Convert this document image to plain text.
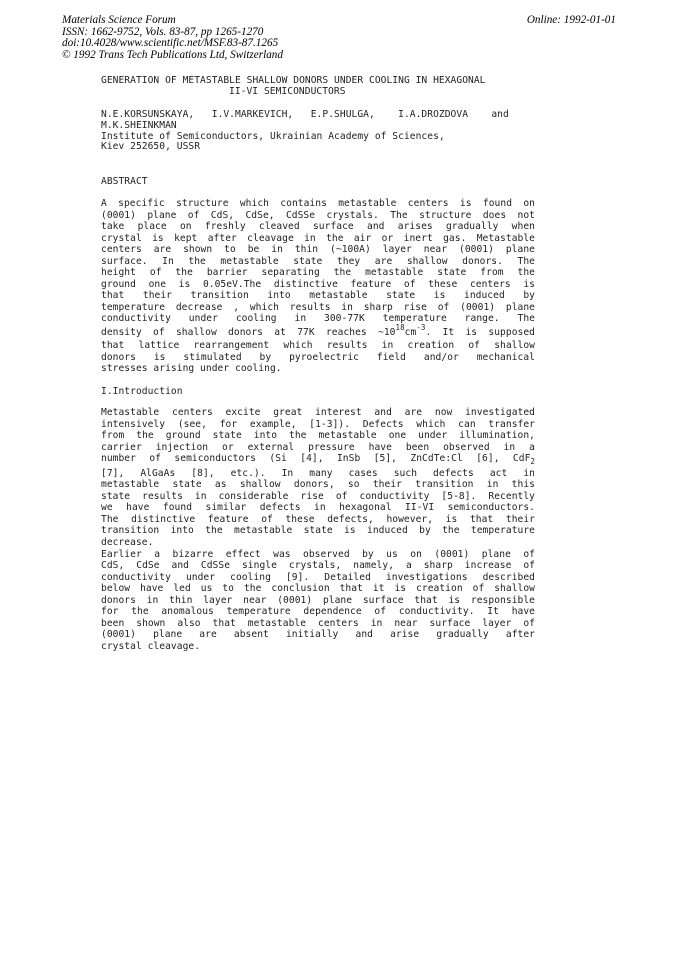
Materials Science Forum
ISSN: 1662-9752, Vols. 83-87, pp 1265-1270
doi:10.4028/www.scientific.net/MSF.83-87.1265
© 1992 Trans Tech Publications Ltd, Switzerland
Online: 1992-01-01
GENERATION OF METASTABLE SHALLOW DONORS UNDER COOLING IN HEXAGONAL
II-VI SEMICONDUCTORS
N.E.KORSUNSKAYA,   I.V.MARKEVICH,   E.P.SHULGA,    I.A.DROZDOVA    and
M.K.SHEINKMAN
Institute of Semiconductors, Ukrainian Academy of Sciences,
Kiev 252650, USSR
ABSTRACT
A specific structure which contains metastable centers is found on
(0001) plane of CdS, CdSe, CdSSe crystals. The structure does not
take place on freshly cleaved surface and arises gradually when
crystal is kept after cleavage in the air or inert gas. Metastable
centers are shown to be in thin (~100A) layer near (0001) plane
surface. In the metastable state they are shallow donors. The
height of the barrier separating the metastable state from the
ground one is 0.05eV.The distinctive feature of these centers is
that their transition into metastable state is induced by
temperature decrease , which results in sharp rise of (0001) plane
conductivity under cooling in 300-77K temperature range. The
density of shallow donors at 77K reaches $\sim 10^{18}cm^{-3}$. It is supposed
that lattice rearrangement which results in creation of shallow
donors is stimulated by pyroelectric field and/or mechanical
stresses arising under cooling.
I.Introduction
Metastable centers excite great interest and are now investigated
intensively (see, for example, [1-3]). Defects which can transfer
from the ground state into the metastable one under illumination,
carrier injection or external pressure have been observed in a
number of semiconductors (Si [4], InSb [5], ZnCdTe:Cl [6], CdF$_2$
[7], AlGaAs [8], etc.). In many cases such defects act in
metastable state as shallow donors, so their transition in this
state results in considerable rise of conductivity [5-8]. Recently
we have found similar defects in hexagonal II-VI semiconductors.
The distinctive feature of these defects, however, is that their
transition into the metastable state is induced by the temperature
decrease.
Earlier a bizarre effect was observed by us on (0001) plane of
CdS, CdSe and CdSSe single crystals, namely, a sharp increase of
conductivity under cooling [9]. Detailed investigations described
below have led us to the conclusion that it is creation of shallow
donors in thin layer near (0001) plane surface that is responsible
for the anomalous temperature dependence of conductivity. It have
been shown also that metastable centers in near surface layer of
(0001) plane are absent initially and arise gradually after
crystal cleavage.
